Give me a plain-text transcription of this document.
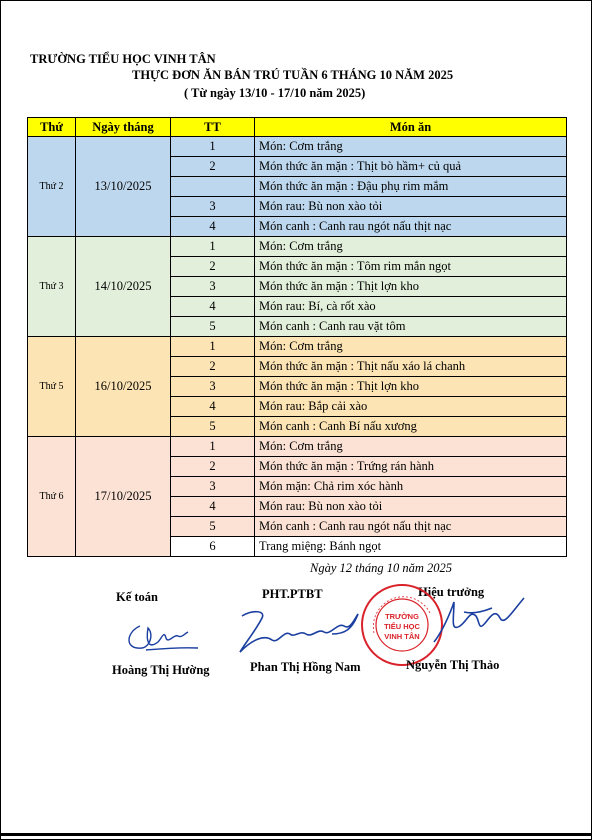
TRƯỜNG TIỂU HỌC VINH TÂN
THỰC ĐƠN ĂN BÁN TRÚ TUẦN 6 THÁNG 10 NĂM 2025
( Từ ngày 13/10 - 17/10 năm 2025)
Thứ	Ngày tháng	TT	Món ăn
Thứ 2	13/10/2025	1	Món: Cơm trắng
		2	Món thức ăn mặn : Thịt bò hầm+ củ quả
			Món thức ăn mặn : Đậu phụ rim mắm
		3	Món rau: Bù non xào tỏi
		4	Món canh : Canh rau ngót nấu thịt nạc
Thứ 3	14/10/2025	1	Món: Cơm trắng
		2	Món thức ăn mặn : Tôm rim mắn ngọt
		3	Món thức ăn mặn : Thịt lợn kho
		4	Món rau: Bí, cà rốt xào
		5	Món canh : Canh rau vặt tôm
Thứ 5	16/10/2025	1	Món: Cơm trắng
		2	Món thức ăn mặn : Thịt nấu xáo lá chanh
		3	Món thức ăn mặn : Thịt lợn kho
		4	Món rau: Bắp cải xào
		5	Món canh : Canh Bí nấu xương
Thứ 6	17/10/2025	1	Món: Cơm trắng
		2	Món thức ăn mặn : Trứng rán hành
		3	Món mặn: Chả rim xóc hành
		4	Món rau: Bù non xào tỏi
		5	Món canh : Canh rau ngót nấu thịt nạc
		6	Trang miệng: Bánh ngọt
Ngày 12 tháng 10 năm 2025
Kế toán	PHT.PTBT	Hiệu trưởng
TRƯỜNG
TIỂU HỌC
VINH TÂN
Hoàng Thị Hường	Phan Thị Hồng Nam	Nguyễn Thị Thảo
